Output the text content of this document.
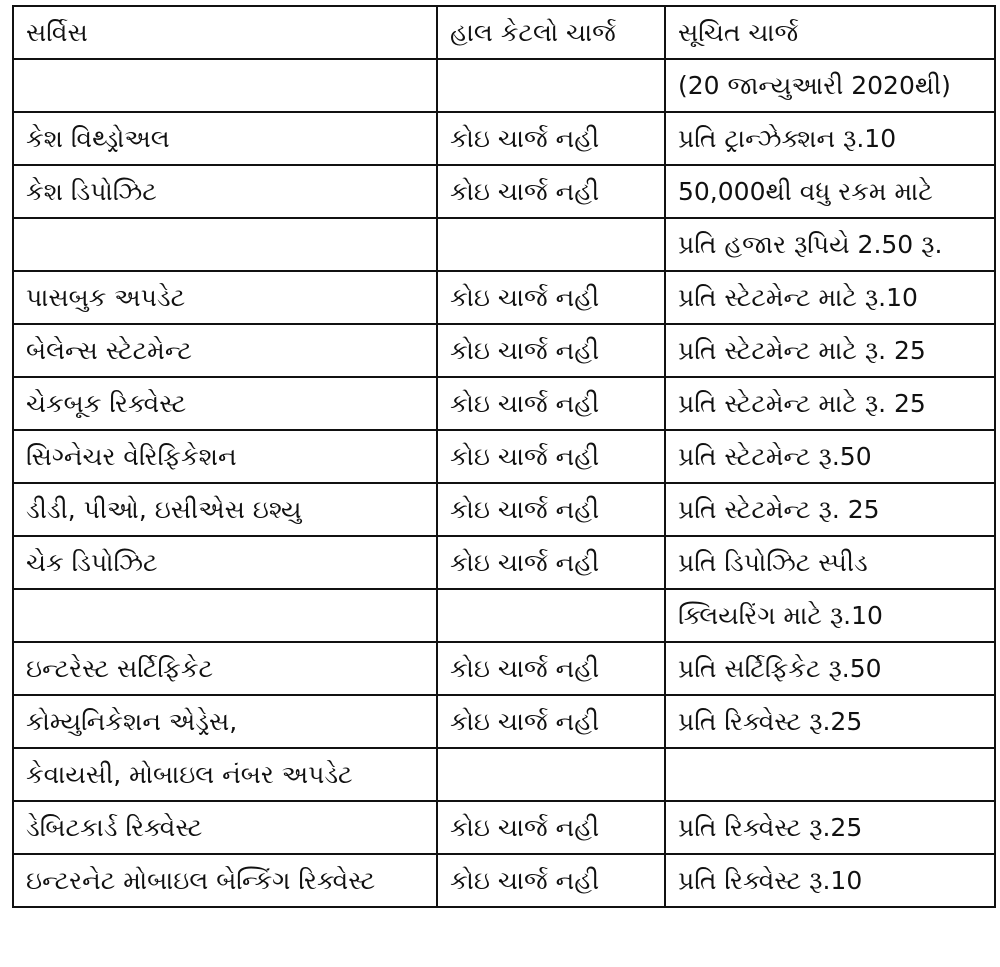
સર્વિસ	હાલ કેટલો ચાર્જ	સૂચિત ચાર્જ
		(20 જાન્યુઆરી 2020થી)
કેશ વિથ્ડ્રોઅલ	કોઇ ચાર્જ નહી	પ્રતિ ટ્રાન્ઝેક્શન રૂ.10
કેશ ડિપોઝિટ	કોઇ ચાર્જ નહી	50,000થી વધુ રકમ માટે
		પ્રતિ હજાર રૂપિયે 2.50 રૂ.
પાસબુક અપડેટ	કોઇ ચાર્જ નહી	પ્રતિ સ્ટેટમેન્ટ માટે રૂ.10
બેલેન્સ સ્ટેટમેન્ટ	કોઇ ચાર્જ નહી	પ્રતિ સ્ટેટમેન્ટ માટે રૂ. 25
ચેકબૂક રિક્વેસ્ટ	કોઇ ચાર્જ નહી	પ્રતિ સ્ટેટમેન્ટ માટે રૂ. 25
સિગ્નેચર વેરિફિકેશન	કોઇ ચાર્જ નહી	પ્રતિ સ્ટેટમેન્ટ રૂ.50
ડીડી, પીઓ, ઇસીએસ ઇશ્યુ	કોઇ ચાર્જ નહી	પ્રતિ સ્ટેટમેન્ટ રૂ. 25
ચેક ડિપોઝિટ	કોઇ ચાર્જ નહી	પ્રતિ ડિપોઝિટ સ્પીડ
		ક્લિયરિંગ માટે રૂ.10
ઇન્ટરેસ્ટ સર્ટિફિકેટ	કોઇ ચાર્જ નહી	પ્રતિ સર્ટિફિકેટ રૂ.50
કોમ્યુનિકેશન એડ્રેસ,	કોઇ ચાર્જ નહી	પ્રતિ રિક્વેસ્ટ રૂ.25
કેવાયસી, મોબાઇલ નંબર અપડેટ		
ડેબિટકાર્ડ રિક્વેસ્ટ	કોઇ ચાર્જ નહી	પ્રતિ રિક્વેસ્ટ રૂ.25
ઇન્ટરનેટ મોબાઇલ બેન્કિંગ રિક્વેસ્ટ	કોઇ ચાર્જ નહી	પ્રતિ રિક્વેસ્ટ રૂ.10
